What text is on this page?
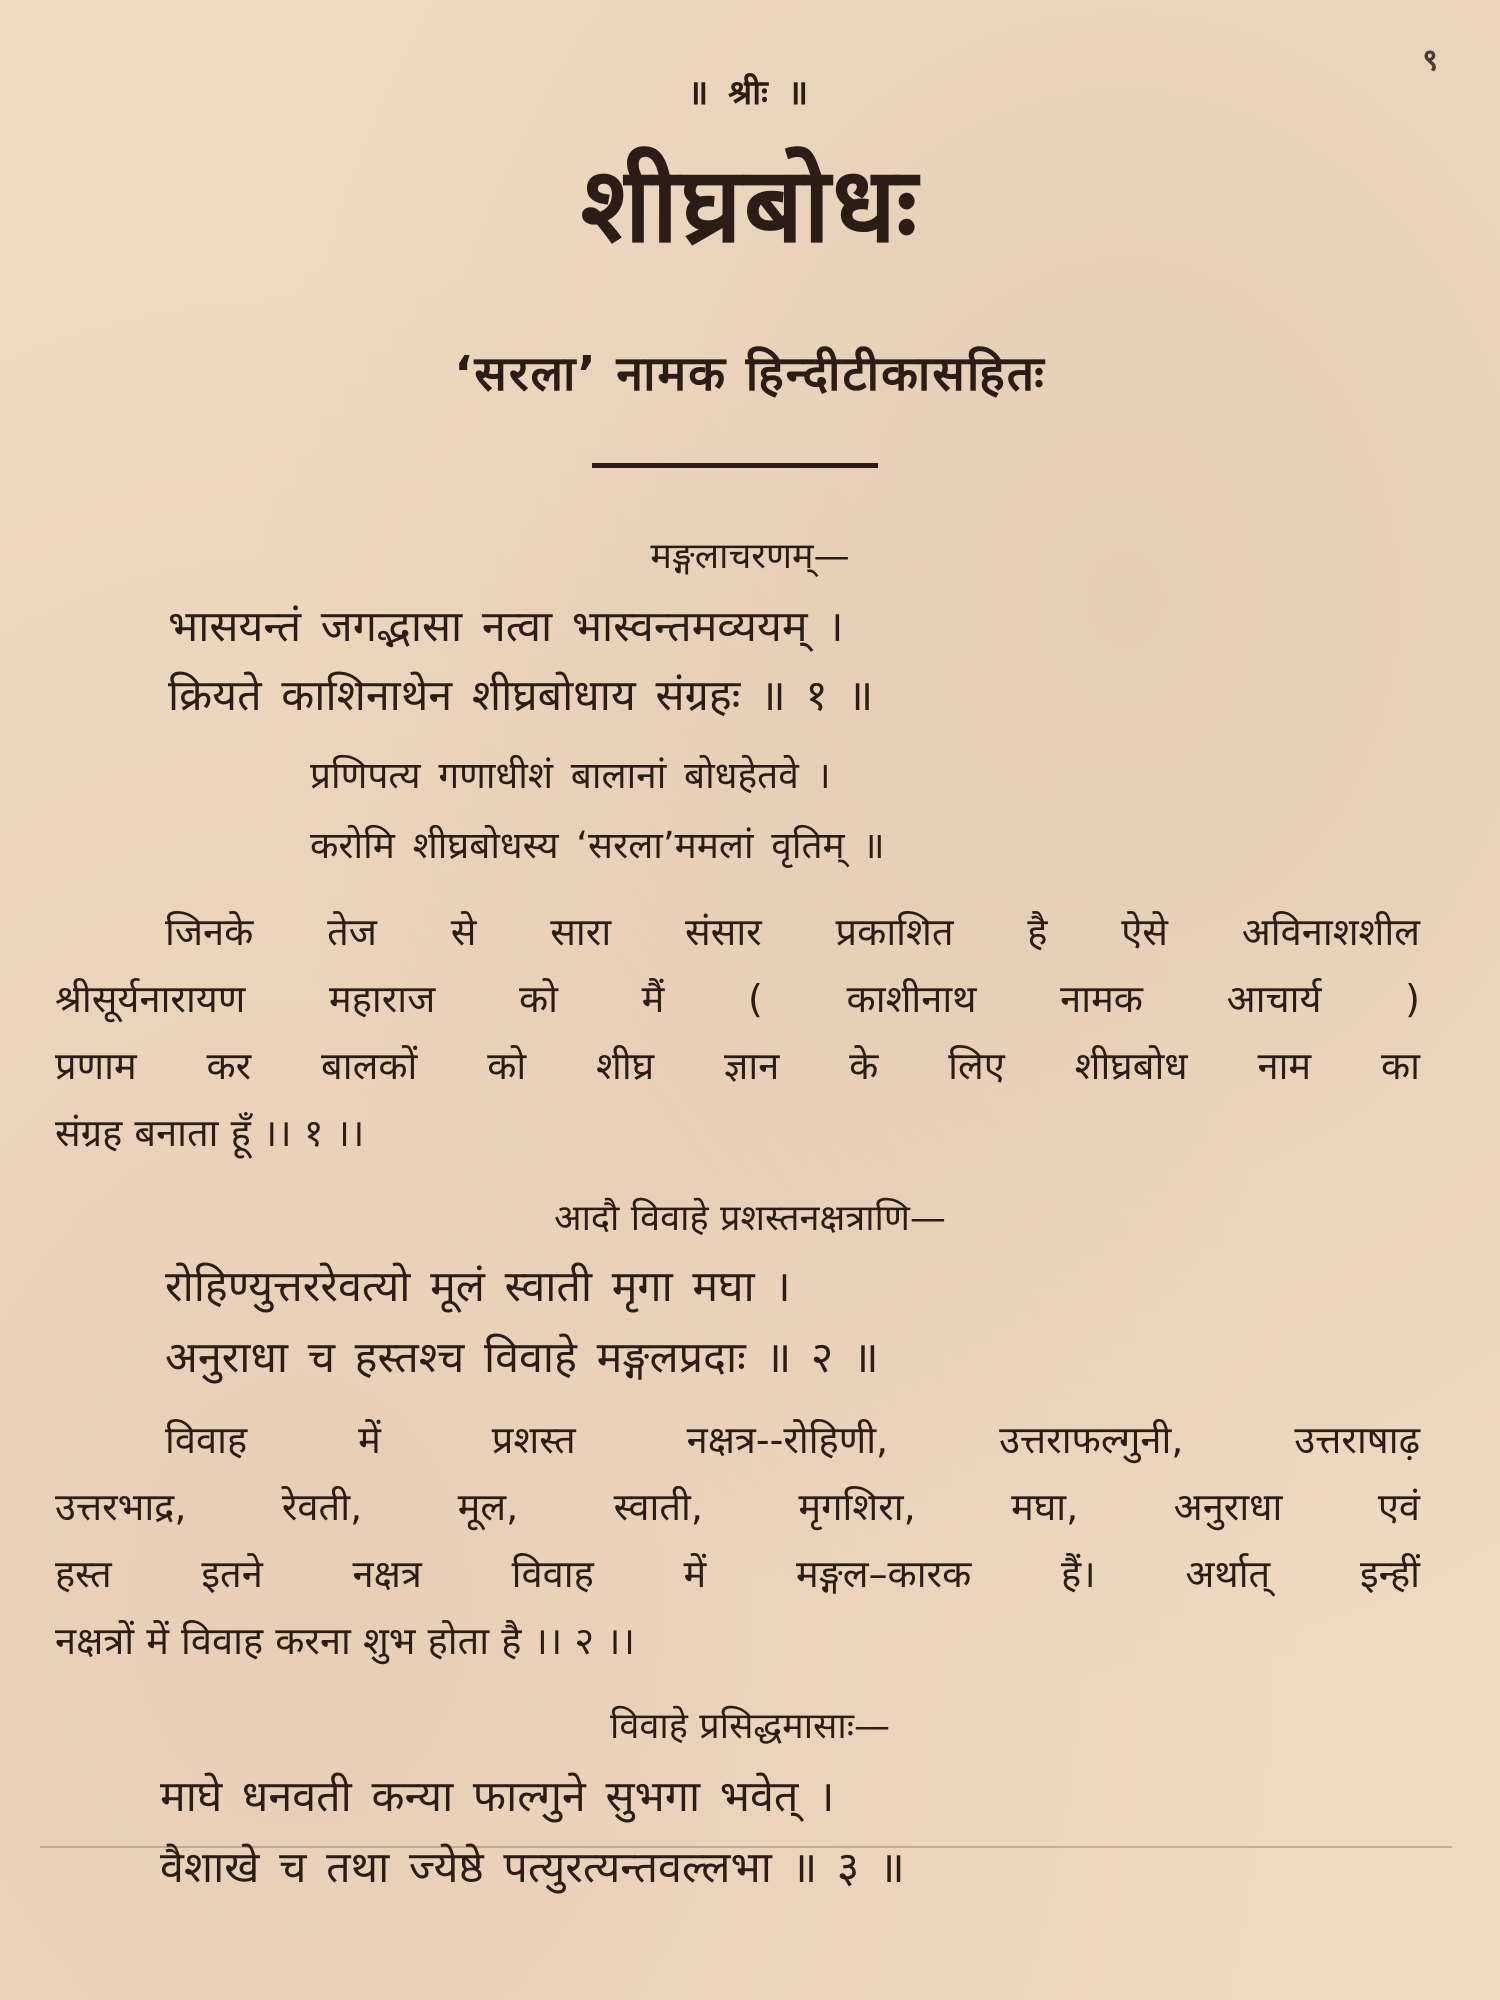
९
॥ श्रीः ॥
शीघ्रबोधः
‘सरला’ नामक हिन्दीटीकासहितः
मङ्गलाचरणम्—
भासयन्तं जगद्भासा नत्वा भास्वन्तमव्ययम् ।
क्रियते काशिनाथेन शीघ्रबोधाय संग्रहः ॥ १ ॥
प्रणिपत्य गणाधीशं बालानां बोधहेतवे ।
करोमि शीघ्रबोधस्य ‘सरला’ममलां वृतिम् ॥
जिनके तेज से सारा संसार प्रकाशित है ऐसे अविनाशशील
श्रीसूर्यनारायण महाराज को मैं ( काशीनाथ नामक आचार्य )
प्रणाम कर बालकों को शीघ्र ज्ञान के लिए शीघ्रबोध नाम का
संग्रह बनाता हूँ ।। १ ।।
आदौ विवाहे प्रशस्तनक्षत्राणि—
रोहिण्युत्तररेवत्यो मूलं स्वाती मृगा मघा ।
अनुराधा च हस्तश्च विवाहे मङ्गलप्रदाः ॥ २ ॥
विवाह में प्रशस्त नक्षत्र--रोहिणी, उत्तराफल्गुनी, उत्तराषाढ़
उत्तरभाद्र, रेवती, मूल, स्वाती, मृगशिरा, मघा, अनुराधा एवं
हस्त इतने नक्षत्र विवाह में मङ्गल–कारक हैं। अर्थात् इन्हीं
नक्षत्रों में विवाह करना शुभ होता है ।। २ ।।
विवाहे प्रसिद्धमासाः—
माघे धनवती कन्या फाल्गुने सुभगा भवेत् ।
वैशाखे च तथा ज्येष्ठे पत्युरत्यन्तवल्लभा ॥ ३ ॥
